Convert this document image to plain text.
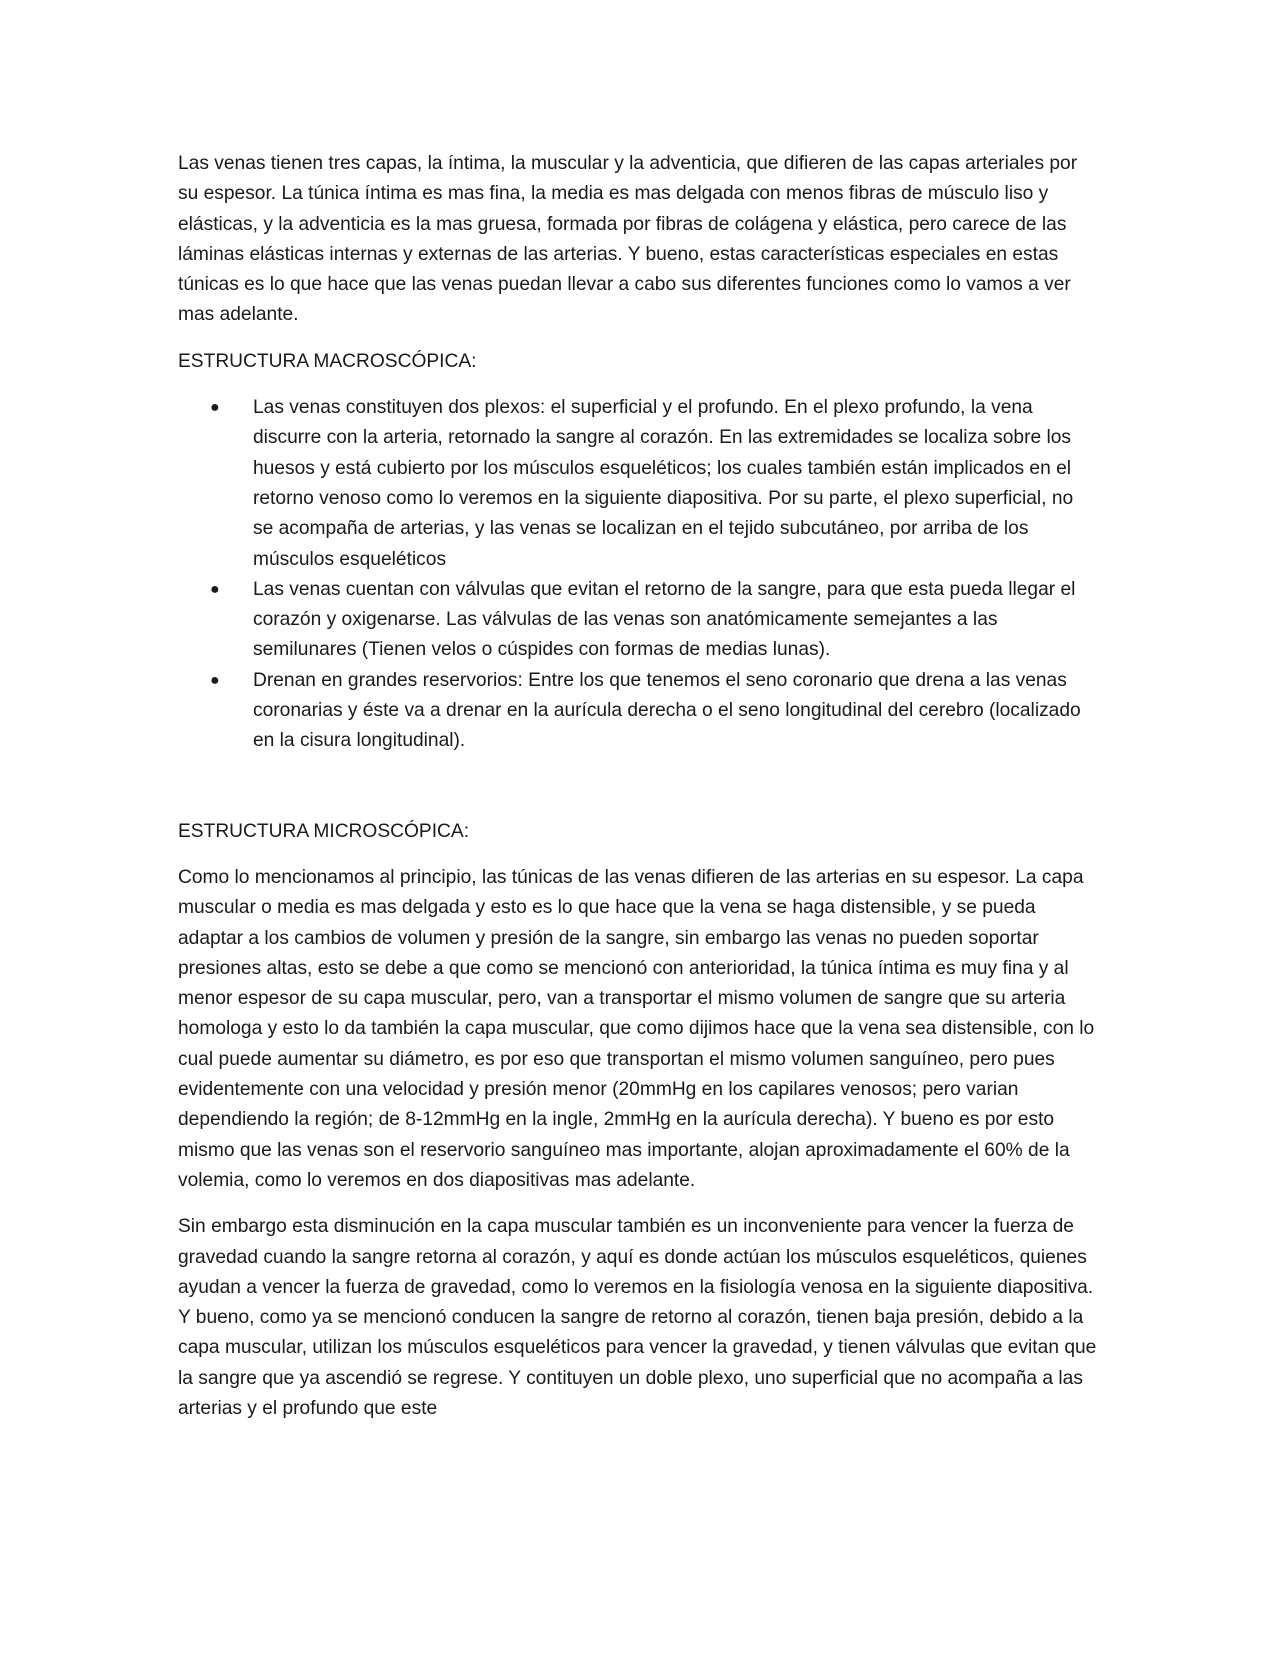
Las venas tienen tres capas, la íntima, la muscular y la adventicia, que difieren de las capas arteriales por su espesor. La túnica íntima es mas fina, la media es mas delgada con menos fibras de músculo liso y elásticas, y la adventicia es la mas gruesa, formada por fibras de colágena y elástica, pero carece de las láminas elásticas internas y externas de las arterias. Y bueno, estas características especiales en estas túnicas es lo que hace que las venas puedan llevar a cabo sus diferentes funciones como lo vamos a ver mas adelante.

ESTRUCTURA MACROSCÓPICA:

● Las venas constituyen dos plexos: el superficial y el profundo. En el plexo profundo, la vena discurre con la arteria, retornado la sangre al corazón. En las extremidades se localiza sobre los huesos y está cubierto por los músculos esqueléticos; los cuales también están implicados en el retorno venoso como lo veremos en la siguiente diapositiva. Por su parte, el plexo superficial, no se acompaña de arterias, y las venas se localizan en el tejido subcutáneo, por arriba de los músculos esqueléticos
● Las venas cuentan con válvulas que evitan el retorno de la sangre, para que esta pueda llegar el corazón y oxigenarse. Las válvulas de las venas son anatómicamente semejantes a las semilunares (Tienen velos o cúspides con formas de medias lunas).
● Drenan en grandes reservorios: Entre los que tenemos el seno coronario que drena a las venas coronarias y éste va a drenar en la aurícula derecha o el seno longitudinal del cerebro (localizado en la cisura longitudinal).

ESTRUCTURA MICROSCÓPICA:

Como lo mencionamos al principio, las túnicas de las venas difieren de las arterias en su espesor. La capa muscular o media es mas delgada y esto es lo que hace que la vena se haga distensible, y se pueda adaptar a los cambios de volumen y presión de la sangre, sin embargo las venas no pueden soportar presiones altas, esto se debe a que como se mencionó con anterioridad, la túnica íntima es muy fina y al menor espesor de su capa muscular, pero, van a transportar el mismo volumen de sangre que su arteria homologa y esto lo da también la capa muscular, que como dijimos hace que la vena sea distensible, con lo cual puede aumentar su diámetro, es por eso que transportan el mismo volumen sanguíneo, pero pues evidentemente con una velocidad y presión menor (20mmHg en los capilares venosos; pero varian dependiendo la región; de 8-12mmHg en la ingle, 2mmHg en la aurícula derecha). Y bueno es por esto mismo que las venas son el reservorio sanguíneo mas importante, alojan aproximadamente el 60% de la volemia, como lo veremos en dos diapositivas mas adelante.

Sin embargo esta disminución en la capa muscular también es un inconveniente para vencer la fuerza de gravedad cuando la sangre retorna al corazón, y aquí es donde actúan los músculos esqueléticos, quienes ayudan a vencer la fuerza de gravedad, como lo veremos en la fisiología venosa en la siguiente diapositiva. Y bueno, como ya se mencionó conducen la sangre de retorno al corazón, tienen baja presión, debido a la capa muscular, utilizan los músculos esqueléticos para vencer la gravedad, y tienen válvulas que evitan que la sangre que ya ascendió se regrese. Y contituyen un doble plexo, uno superficial que no acompaña a las arterias y el profundo que este
